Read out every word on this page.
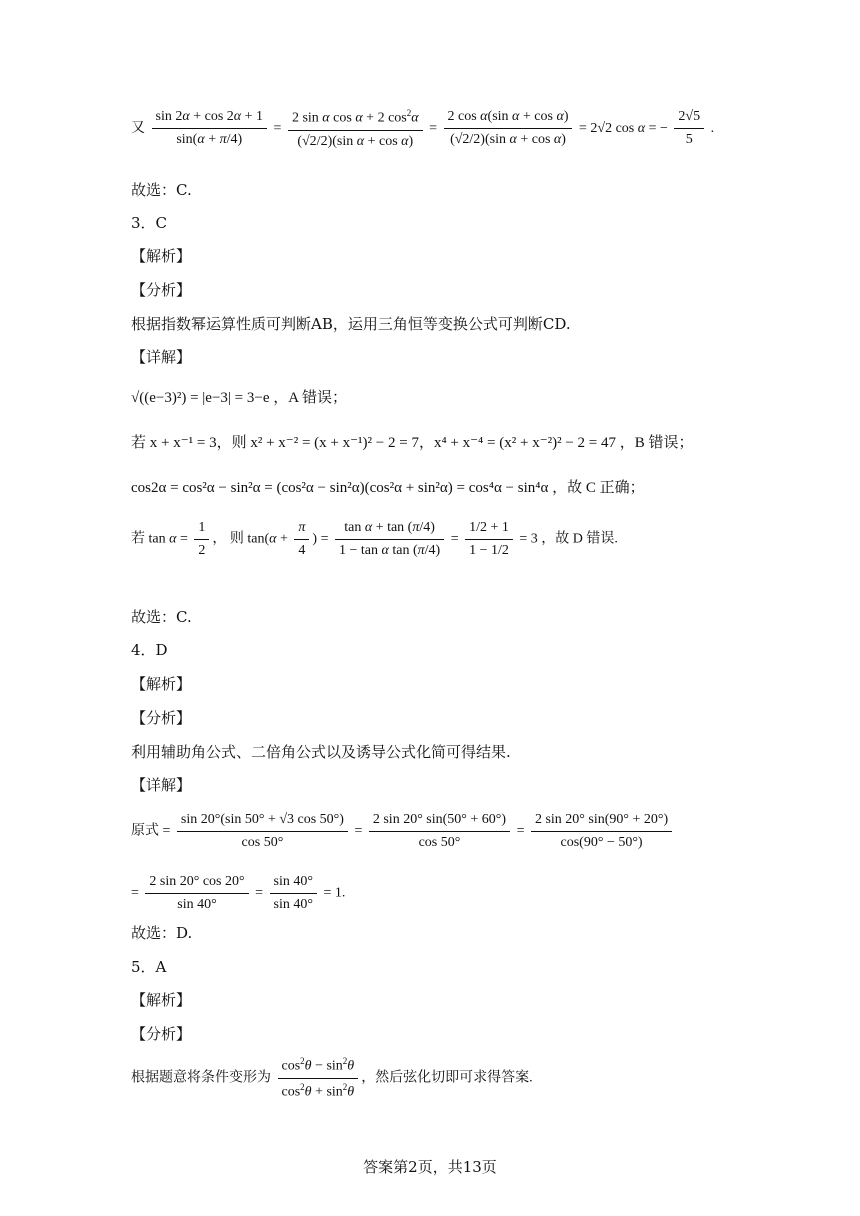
又 $\frac{\sin 2\alpha + \cos 2\alpha + 1}{\sin(\alpha + \pi/4)} = \frac{2 \sin \alpha \cos \alpha + 2 \cos^2\alpha}{\text{(√2/2)(sin α + cos α)}} = \frac{\text{2 cos α(sin α + cos α)}}{\text{(√2/2)(sin α + cos α)}} = 2√2$ cos α = − $\frac{2√5}{5}$ .
故选：C.
3．C
【解析】
【分析】
根据指数幂运算性质可判断AB，运用三角恒等变换公式可判断CD.
【详解】
√((e−3)²) = |e−3| = 3−e ，A 错误；
若 x + x⁻¹ = 3，则 x² + x⁻² = (x + x⁻¹)² − 2 = 7，x⁴ + x⁻⁴ = (x² + x⁻²)² − 2 = 47 ，B 错误；
cos2α = cos²α − sin²α = (cos²α − sin²α)(cos²α + sin²α) = cos⁴α − sin⁴α ，故 C 正确；
若 $\tan \alpha = \frac{1}{2}$ ， 则 $\tan(\alpha + \frac{\pi}{4}$ ) = $\frac{\text{tan α + tan (π/4)}}{\text{1 − tan α tan (π/4)}} = \frac{1/2 + 1}{1 - 1/2} = 3$ ，故 D 错误.
故选：C.
4．D
【解析】
【分析】
利用辅助角公式、二倍角公式以及诱导公式化简可得结果.
【详解】
原式 = $\frac{\sin 20^\circ(\sin 50^\circ + √3 \cos 50^\circ)}{\cos 50^\circ} = \frac{2 \sin 20^\circ \sin(50^\circ + 60^\circ)}{\cos 50^\circ} = \frac{2 \sin 20^\circ \sin(90^\circ + 20^\circ)}{\cos(90^\circ - 50^\circ)}$
= $\frac{2 \sin 20^\circ \cos 20^\circ}{\sin 40^\circ} = \frac{\sin 40^\circ}{\sin 40^\circ} = 1$.
故选：D.
5．A
【解析】
【分析】
根据题意将条件变形为 $\frac{\cos^2\theta - \sin^2\theta}{\cos^2\theta + \sin^2\theta}$ ，然后弦化切即可求得答案.
答案第2页，共13页
